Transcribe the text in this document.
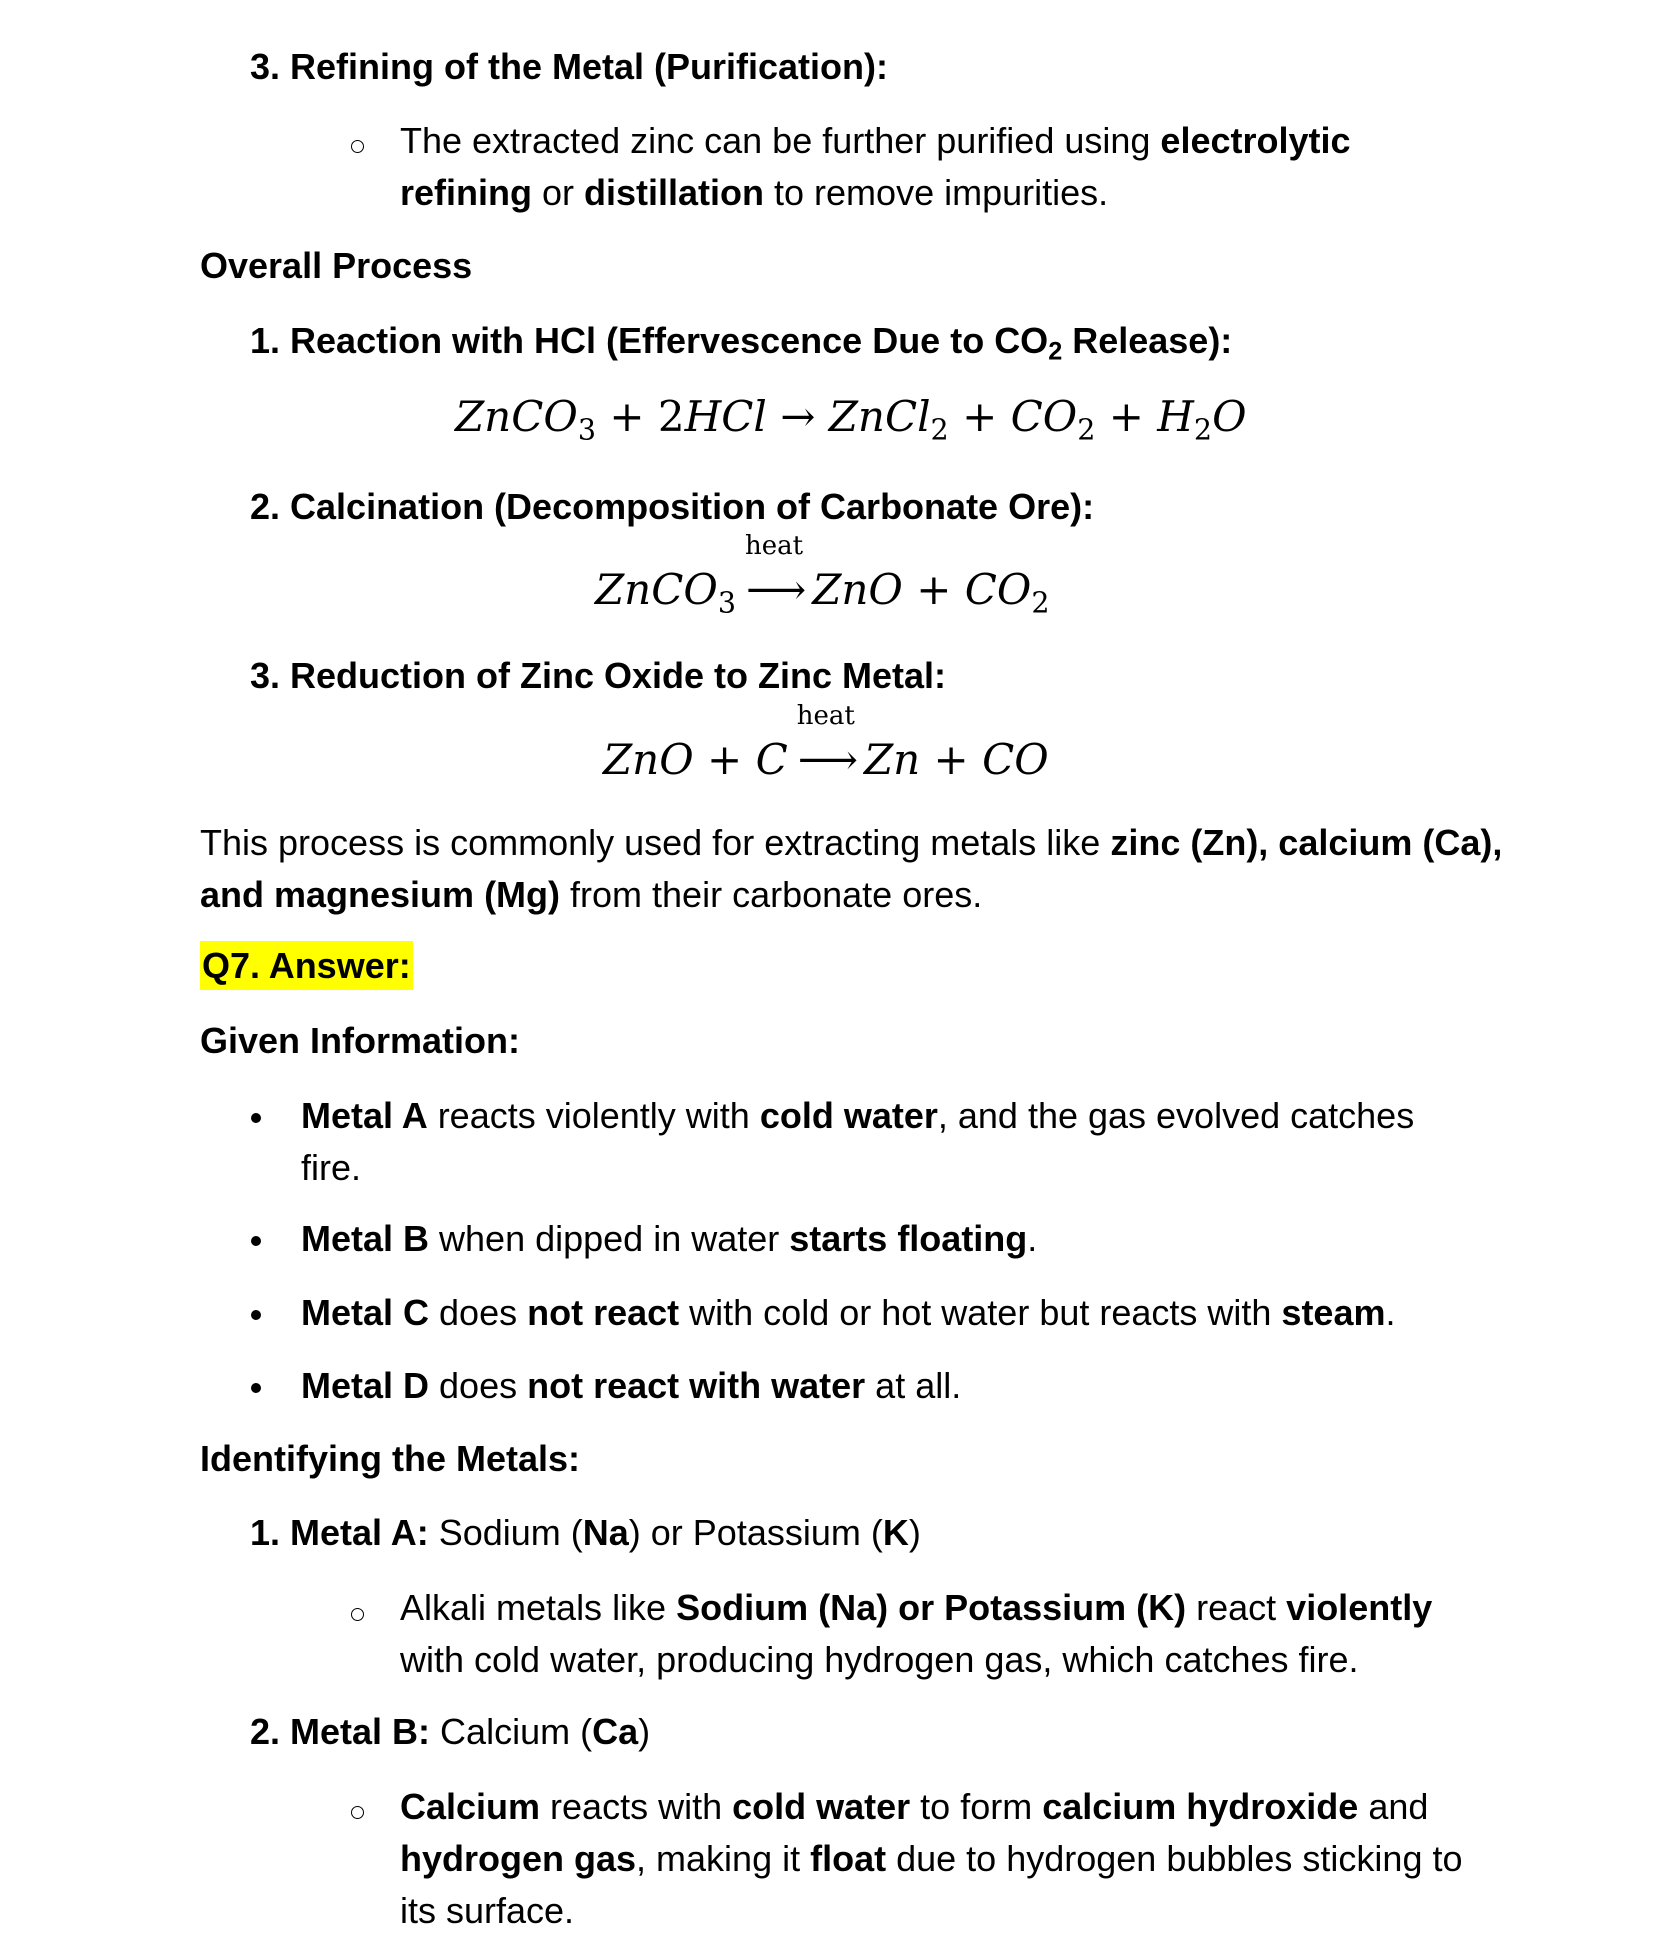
3. Refining of the Metal (Purification):
The extracted zinc can be further purified using electrolytic
refining or distillation to remove impurities.
Overall Process
1. Reaction with HCl (Effervescence Due to $CO_2$ Release):
ZnCO$_3$ + 2HCl → ZnCl$_2$ + $CO_2 + H_2O$
2. Calcination (Decomposition of Carbonate Ore):
ZnCO$_3$
heat
⟶ ZnO + $CO_2$
3. Reduction of Zinc Oxide to Zinc Metal:
ZnO + C
heat
⟶ Zn + CO
This process is commonly used for extracting metals like zinc (Zn), calcium (Ca),
and magnesium (Mg) from their carbonate ores.
Q7. Answer:
Given Information:
Metal A reacts violently with cold water, and the gas evolved catches
fire.
Metal B when dipped in water starts floating.
Metal C does not react with cold or hot water but reacts with steam.
Metal D does not react with water at all.
Identifying the Metals:
1. Metal A: Sodium (Na) or Potassium (K)
Alkali metals like Sodium (Na) or Potassium (K) react violently
with cold water, producing hydrogen gas, which catches fire.
2. Metal B: Calcium (Ca)
Calcium reacts with cold water to form calcium hydroxide and
hydrogen gas, making it float due to hydrogen bubbles sticking to
its surface.
